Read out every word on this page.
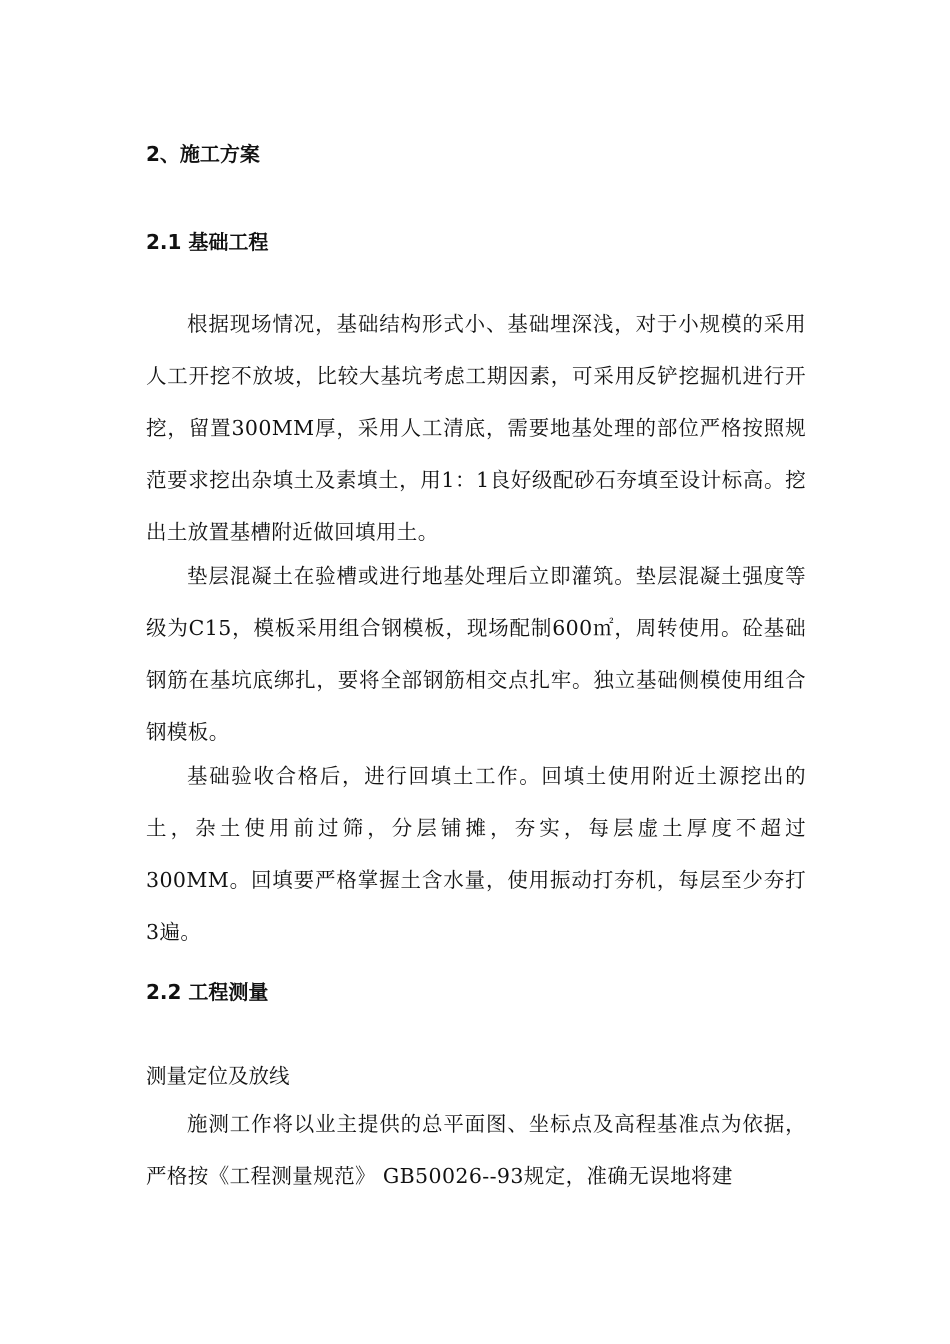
2、施工方案
2.1 基础工程
根据现场情况，基础结构形式小、基础埋深浅，对于小规模的采用人工开挖不放坡，比较大基坑考虑工期因素，可采用反铲挖掘机进行开挖，留置300MM厚，采用人工清底，需要地基处理的部位严格按照规范要求挖出杂填土及素填土，用1：1良好级配砂石夯填至设计标高。挖出土放置基槽附近做回填用土。
垫层混凝土在验槽或进行地基处理后立即灌筑。垫层混凝土强度等级为C15，模板采用组合钢模板，现场配制600㎡，周转使用。砼基础钢筋在基坑底绑扎，要将全部钢筋相交点扎牢。独立基础侧模使用组合钢模板。
基础验收合格后，进行回填土工作。回填土使用附近土源挖出的土，杂土使用前过筛，分层铺摊，夯实，每层虚土厚度不超过300MM。回填要严格掌握土含水量，使用振动打夯机，每层至少夯打3遍。
2.2 工程测量
测量定位及放线
施测工作将以业主提供的总平面图、坐标点及高程基准点为依据，严格按《工程测量规范》 GB50026--93规定，准确无误地将建
